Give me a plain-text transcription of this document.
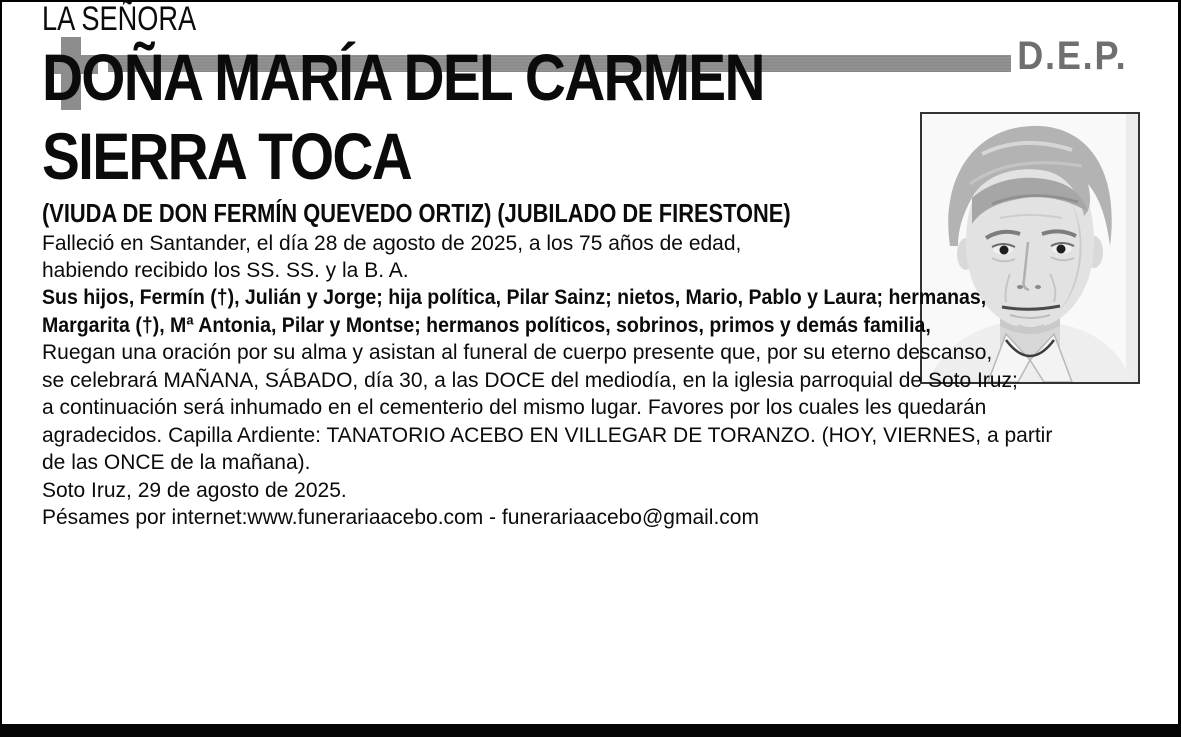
D.E.P.
LA SEÑORA
DOÑA MARÍA DEL CARMEN
SIERRA TOCA
(VIUDA DE DON FERMÍN QUEVEDO ORTIZ) (JUBILADO DE FIRESTONE)
Falleció en Santander, el día 28 de agosto de 2025, a los 75 años de edad,
habiendo recibido los SS. SS. y la B. A.
Sus hijos, Fermín (†), Julián y Jorge; hija política, Pilar Sainz; nietos, Mario, Pablo y Laura; hermanas,
Margarita (†), Mª Antonia, Pilar y Montse; hermanos políticos, sobrinos, primos y demás familia,
Ruegan una oración por su alma y asistan al funeral de cuerpo presente que, por su eterno descanso,
se celebrará MAÑANA, SÁBADO, día 30, a las DOCE del mediodía, en la iglesia parroquial de Soto Iruz;
a continuación será inhumado en el cementerio del mismo lugar. Favores por los cuales les quedarán
agradecidos. Capilla Ardiente: TANATORIO ACEBO EN VILLEGAR DE TORANZO. (HOY, VIERNES, a partir
de las ONCE de la mañana).
Soto Iruz, 29 de agosto de 2025.
Pésames por internet:www.funerariaacebo.com - funerariaacebo@gmail.com
